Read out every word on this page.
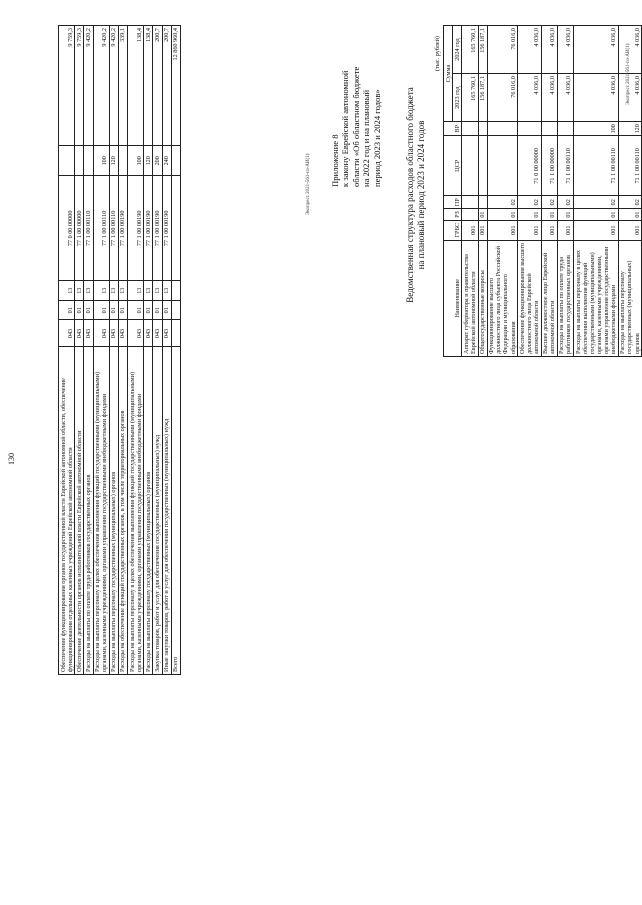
130	Обеспечение функционирования органов государственной власти Еврейской автономной области, обеспечение функционирования отдельных казенных учреждений Еврейской автономной области	043	01	13	77 0 00 00000		9 759,3
Обеспечение деятельности органов исполнительной власти Еврейской автономной области	043	01	13	77 1 00 00000		9 759,3
Расходы на выплаты по оплате труда работников государственных органов	043	01	13	77 1 00 00110		9 420,2
Расходы на выплаты персоналу в целях обеспечения выполнения функций государственными (муниципальными) органами, казенными учреждениями, органами управления государственными внебюджетными фондами	043	01	13	77 1 00 00110	100	9 420,2
Расходы на выплаты персоналу государственных (муниципальных) органов	043	01	13	77 1 00 00110	120	9 420,2
Расходы на обеспечение функций государственных органов, в том числе территориальных органов	043	01	13	77 1 00 00190		339,1
Расходы на выплаты персоналу в целях обеспечения выполнения функций государственными (муниципальными) органами, казенными учреждениями, органами управления государственными внебюджетными фондами	043	01	13	77 1 00 00190	100	138,4
Расходы на выплаты персоналу государственных (муниципальных) органов	043	01	13	77 1 00 00190	120	138,4
Закупка товаров, работ и услуг для обеспечения государственных (муниципальных) нужд	043	01	13	77 1 00 00190	200	200,7
Иные закупки товаров, работ и услуг для обеспечения государственных (муниципальных) нужд	043	01	13	77 1 00 00190	240	200,7
Всего						12 860 960,4
Экопресс 2021-561-пз-АИ(1) Приложение 8 к закону Еврейской автономной области «Об областном бюджете на 2022 год и на плановый период 2023 и 2024 годов»	Ведомственная структура расходов областного бюджета на плановый период 2023 и 2024 годов
(тыс. рублей)
Наименование	ГРБС	РЗ	ПР	ЦСР	ВР	Сумма	
						2023 год	2024 год
Аппарат губернатора и правительства Еврейской автономной области	001					165 760,1	165 760,1
Общегосударственные вопросы	001	01				156 187,1	156 187,1
Функционирование высшего должностного лица субъекта Российской Федерации и муниципального образования	001	01	02			76 016,0	76 016,0
Обеспечение функционирования высшего должностного лица Еврейской автономной области	001	01	02	71 0 00 00000		4 036,0	4 036,0
Высшее должностное лицо Еврейской автономной области	001	01	02	71 1 00 00000		4 036,0	4 036,0
Расходы на выплаты по оплате труда работников государственных органов	001	01	02	71 1 00 00110		4 036,0	4 036,0
Расходы на выплаты персоналу в целях обеспечения выполнения функций государственными (муниципальными) органами, казенными учреждениями, органами управления государственными внебюджетными фондами	001	01	02	71 1 00 00110	100	4 036,0	4 036,0
Расходы на выплаты персоналу государственных (муниципальных) органов	001	01	02	71 1 00 00110	120	4 036,0	4 036,0
Экопресс 2021-561-пз-АИ(1)
